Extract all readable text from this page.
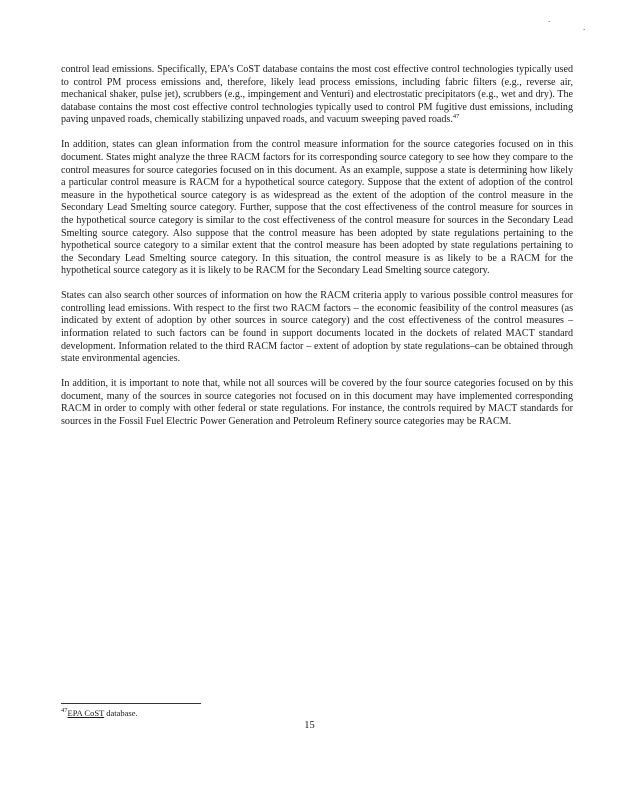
.
.

control lead emissions. Specifically, EPA’s CoST database contains the most cost effective control technologies typically used to control PM process emissions and, therefore, likely lead process emissions, including fabric filters (e.g., reverse air, mechanical shaker, pulse jet), scrubbers (e.g., impingement and Venturi) and electrostatic precipitators (e.g., wet and dry). The database contains the most cost effective control technologies typically used to control PM fugitive dust emissions, including paving unpaved roads, chemically stabilizing unpaved roads, and vacuum sweeping paved roads.$^{47}$

In addition, states can glean information from the control measure information for the source categories focused on in this document. States might analyze the three RACM factors for its corresponding source category to see how they compare to the control measures for source categories focused on in this document. As an example, suppose a state is determining how likely a particular control measure is RACM for a hypothetical source category. Suppose that the extent of adoption of the control measure in the hypothetical source category is as widespread as the extent of the adoption of the control measure in the Secondary Lead Smelting source category. Further, suppose that the cost effectiveness of the control measure for sources in the hypothetical source category is similar to the cost effectiveness of the control measure for sources in the Secondary Lead Smelting source category. Also suppose that the control measure has been adopted by state regulations pertaining to the hypothetical source category to a similar extent that the control measure has been adopted by state regulations pertaining to the Secondary Lead Smelting source category. In this situation, the control measure is as likely to be a RACM for the hypothetical source category as it is likely to be RACM for the Secondary Lead Smelting source category.

States can also search other sources of information on how the RACM criteria apply to various possible control measures for controlling lead emissions. With respect to the first two RACM factors – the economic feasibility of the control measures (as indicated by extent of adoption by other sources in source category) and the cost effectiveness of the control measures – information related to such factors can be found in support documents located in the dockets of related MACT standard development. Information related to the third RACM factor – extent of adoption by state regulations–can be obtained through state environmental agencies.

In addition, it is important to note that, while not all sources will be covered by the four source categories focused on by this document, many of the sources in source categories not focused on in this document may have implemented corresponding RACM in order to comply with other federal or state regulations. For instance, the controls required by MACT standards for sources in the Fossil Fuel Electric Power Generation and Petroleum Refinery source categories may be RACM.

$^{47}$EPA CoST database.
15
